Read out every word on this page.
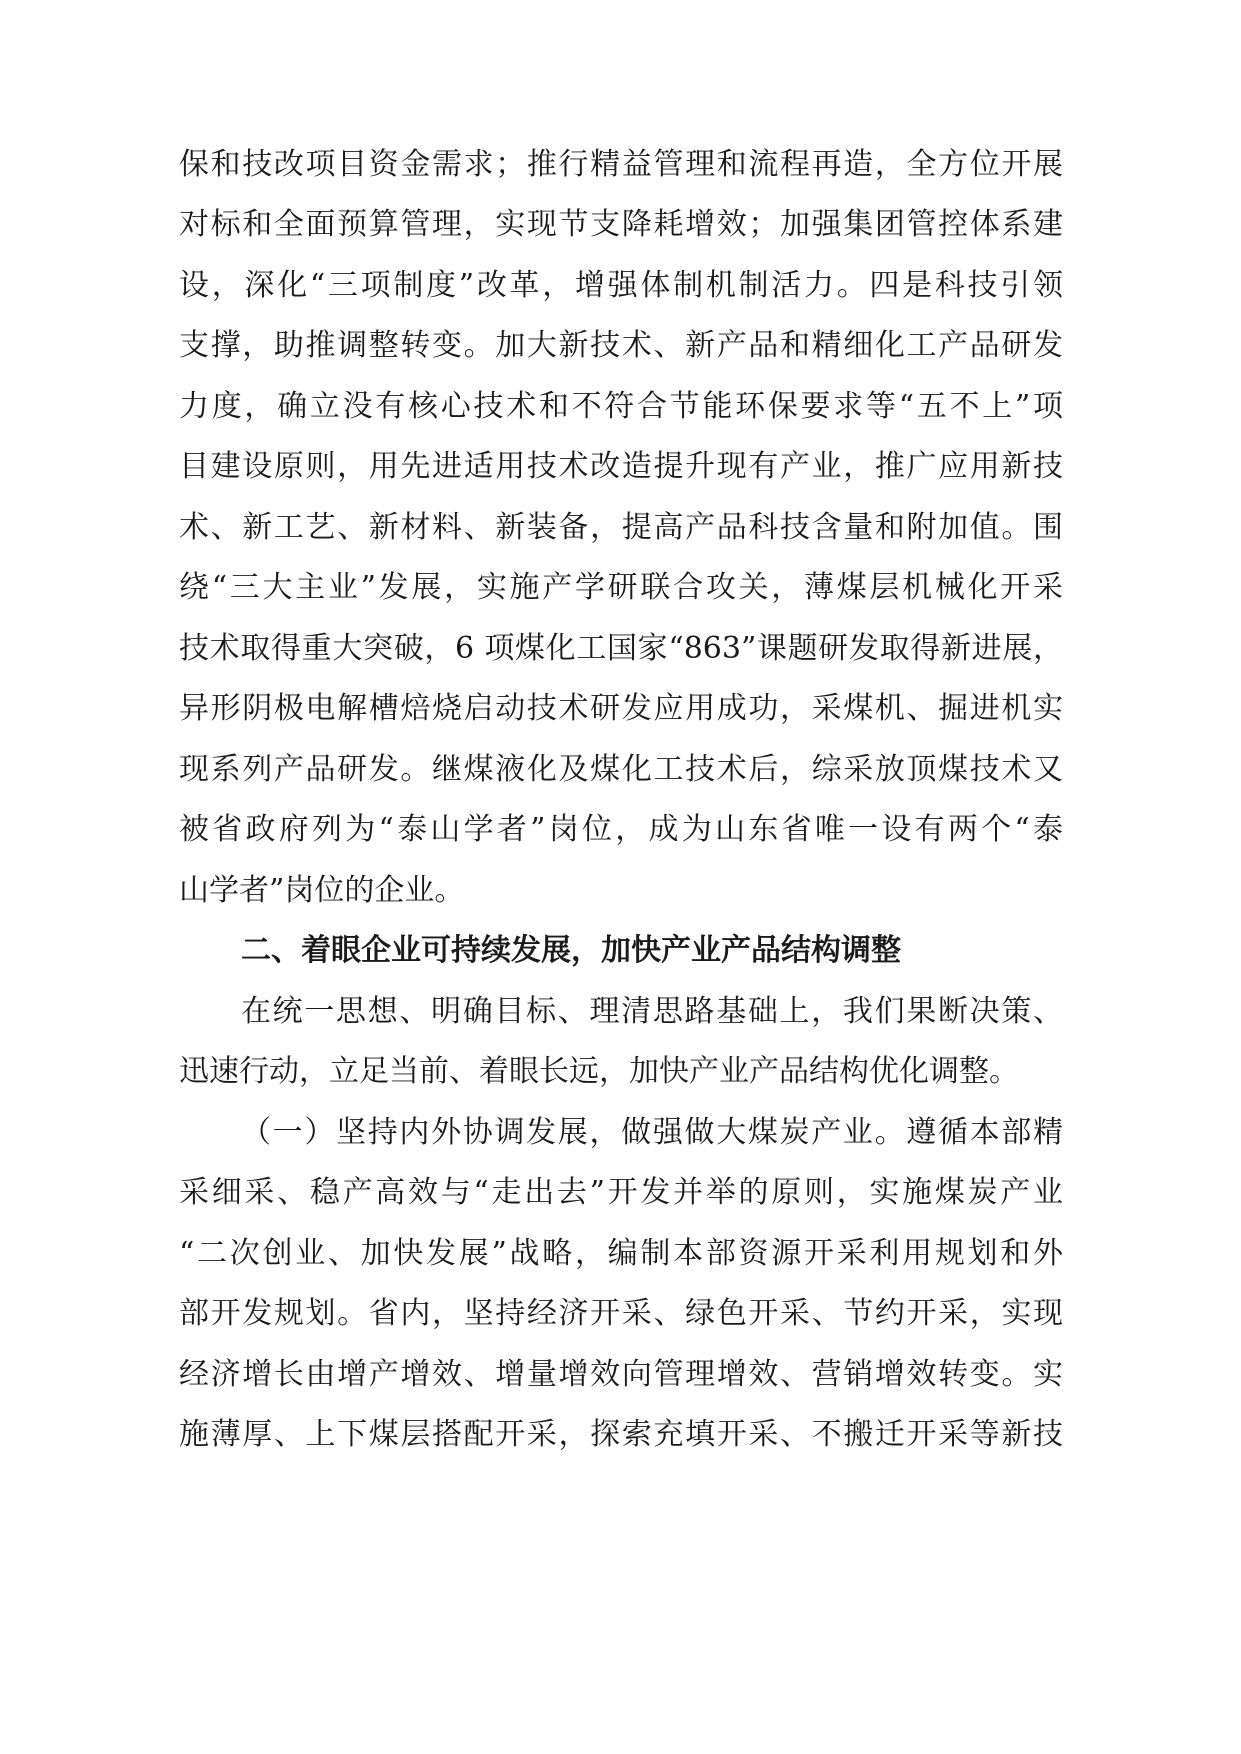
保和技改项目资金需求；推行精益管理和流程再造，全方位开展
对标和全面预算管理，实现节支降耗增效；加强集团管控体系建
设，深化“三项制度”改革，增强体制机制活力。四是科技引领
支撑，助推调整转变。加大新技术、新产品和精细化工产品研发
力度，确立没有核心技术和不符合节能环保要求等“五不上”项
目建设原则，用先进适用技术改造提升现有产业，推广应用新技
术、新工艺、新材料、新装备，提高产品科技含量和附加值。围
绕“三大主业”发展，实施产学研联合攻关，薄煤层机械化开采
技术取得重大突破，6 项煤化工国家“863”课题研发取得新进展，
异形阴极电解槽焙烧启动技术研发应用成功，采煤机、掘进机实
现系列产品研发。继煤液化及煤化工技术后，综采放顶煤技术又
被省政府列为“泰山学者”岗位，成为山东省唯一设有两个“泰
山学者”岗位的企业。
二、着眼企业可持续发展，加快产业产品结构调整
在统一思想、明确目标、理清思路基础上，我们果断决策、
迅速行动，立足当前、着眼长远，加快产业产品结构优化调整。
（一）坚持内外协调发展，做强做大煤炭产业。遵循本部精
采细采、稳产高效与“走出去”开发并举的原则，实施煤炭产业
“二次创业、加快发展”战略，编制本部资源开采利用规划和外
部开发规划。省内，坚持经济开采、绿色开采、节约开采，实现
经济增长由增产增效、增量增效向管理增效、营销增效转变。实
施薄厚、上下煤层搭配开采，探索充填开采、不搬迁开采等新技
